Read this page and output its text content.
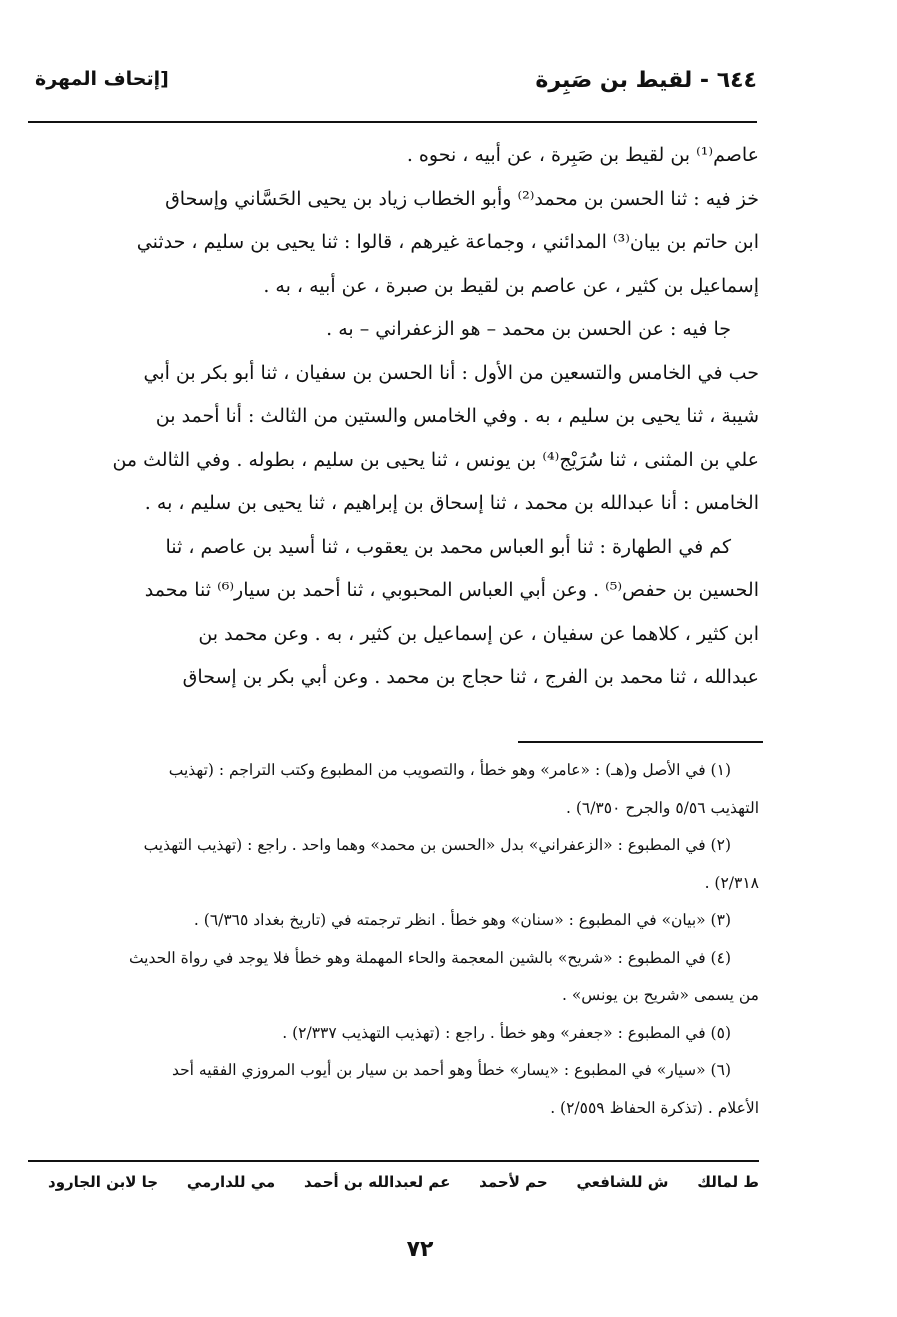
٦٤٤ - لقيط بن صَبِرة
[إتحاف المهرة

عاصم⁽¹⁾ بن لقيط بن صَبِرة ، عن أبيه ، نحوه .

خز فيه : ثنا الحسن بن محمد⁽²⁾ وأبو الخطاب زياد بن يحيى الحَسَّاني وإسحاق

ابن حاتم بن بيان⁽³⁾ المدائني ، وجماعة غيرهم ، قالوا : ثنا يحيى بن سليم ، حدثني

إسماعيل بن كثير ، عن عاصم بن لقيط بن صبرة ، عن أبيه ، به .

جا فيه : عن الحسن بن محمد – هو الزعفراني – به .

حب في الخامس والتسعين من الأول : أنا الحسن بن سفيان ، ثنا أبو بكر بن أبي

شيبة ، ثنا يحيى بن سليم ، به . وفي الخامس والستين من الثالث : أنا أحمد بن

علي بن المثنى ، ثنا سُرَيْج⁽⁴⁾ بن يونس ، ثنا يحيى بن سليم ، بطوله . وفي الثالث من

الخامس : أنا عبدالله بن محمد ، ثنا إسحاق بن إبراهيم ، ثنا يحيى بن سليم ، به .

كم في الطهارة : ثنا أبو العباس محمد بن يعقوب ، ثنا أسيد بن عاصم ، ثنا

الحسين بن حفص⁽⁵⁾ . وعن أبي العباس المحبوبي ، ثنا أحمد بن سيار⁽⁶⁾ ثنا محمد

ابن كثير ، كلاهما عن سفيان ، عن إسماعيل بن كثير ، به . وعن محمد بن

عبدالله ، ثنا محمد بن الفرج ، ثنا حجاج بن محمد . وعن أبي بكر بن إسحاق

(١) في الأصل و(هـ) : «عامر» وهو خطأ ، والتصويب من المطبوع وكتب التراجم : (تهذيب

التهذيب ٥/٥٦ والجرح ٦/٣٥٠) .

(٢) في المطبوع : «الزعفراني» بدل «الحسن بن محمد» وهما واحد . راجع : (تهذيب التهذيب

٢/٣١٨) .

(٣) «بيان» في المطبوع : «سنان» وهو خطأ . انظر ترجمته في (تاريخ بغداد ٦/٣٦٥) .

(٤) في المطبوع : «شريح» بالشين المعجمة والحاء المهملة وهو خطأ فلا يوجد في رواة الحديث

من يسمى «شريح بن يونس» .

(٥) في المطبوع : «جعفر» وهو خطأ . راجع : (تهذيب التهذيب ٢/٣٣٧) .

(٦) «سيار» في المطبوع : «يسار» خطأ وهو أحمد بن سيار بن أيوب المروزي الفقيه أحد

الأعلام . (تذكرة الحفاظ ٢/٥٥٩) .

ط لمالك
ش للشافعي
حم لأحمد
عم لعبدالله بن أحمد
مي للدارمي
جا لابن الجارود
٧٢
